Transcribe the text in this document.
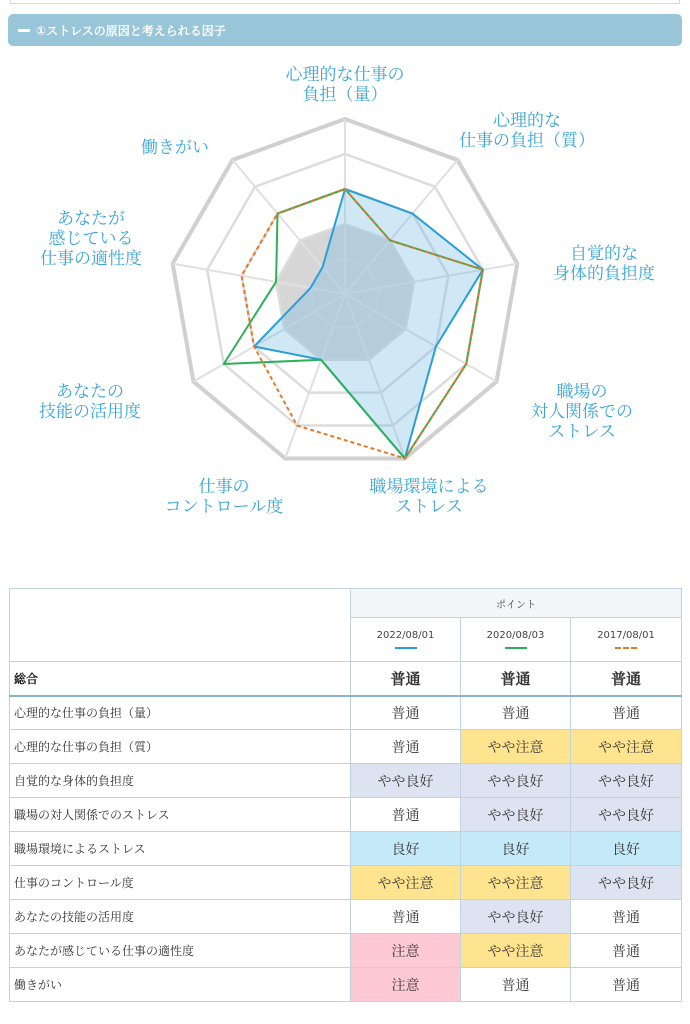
①ストレスの原因と考えられる因子
心理的な仕事の負担（量）
心理的な仕事の負担（質）
自覚的な身体的負担度
職場の対人関係でのストレス
職場環境によるストレス
仕事のコントロール度
あなたの技能の活用度
あなたが感じている仕事の適性度
働きがい
	ポイント		
	2022/08/01	2020/08/03	2017/08/01

総合	普通	普通	普通
心理的な仕事の負担（量）	普通	普通	普通
心理的な仕事の負担（質）	普通	やや注意	やや注意
自覚的な身体的負担度	やや良好	やや良好	やや良好
職場の対人関係でのストレス	普通	やや良好	やや良好
職場環境によるストレス	良好	良好	良好
仕事のコントロール度	やや注意	やや注意	やや良好
あなたの技能の活用度	普通	やや良好	普通
あなたが感じている仕事の適性度	注意	やや注意	普通
働きがい	注意	普通	普通
